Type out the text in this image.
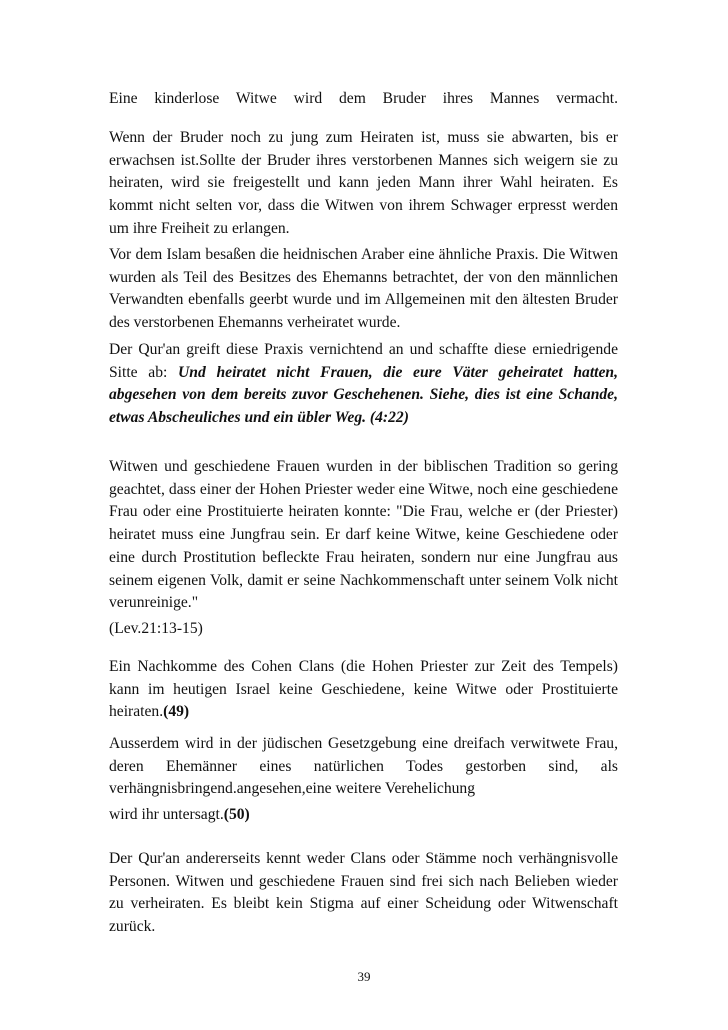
Eine kinderlose Witwe wird dem Bruder ihres Mannes vermacht.

Wenn der Bruder noch zu jung zum Heiraten ist, muss sie abwarten, bis er erwachsen ist.Sollte der Bruder ihres verstorbenen Mannes sich weigern sie zu heiraten, wird sie freigestellt und kann jeden Mann ihrer Wahl heiraten. Es kommt nicht selten vor, dass die Witwen von ihrem Schwager erpresst werden um ihre Freiheit zu erlangen.

Vor dem Islam besaßen die heidnischen Araber eine ähnliche Praxis. Die Witwen wurden als Teil des Besitzes des Ehemanns betrachtet, der von den männlichen Verwandten ebenfalls geerbt wurde und im Allgemeinen mit den ältesten Bruder des verstorbenen Ehemanns verheiratet wurde.

Der Qur'an greift diese Praxis vernichtend an und schaffte diese erniedrigende Sitte ab: Und heiratet nicht Frauen, die eure Väter geheiratet hatten, abgesehen von dem bereits zuvor Geschehenen. Siehe, dies ist eine Schande, etwas Abscheuliches und ein übler Weg. (4:22)

Witwen und geschiedene Frauen wurden in der biblischen Tradition so gering geachtet, dass einer der Hohen Priester weder eine Witwe, noch eine geschiedene Frau oder eine Prostituierte heiraten konnte: "Die Frau, welche er (der Priester) heiratet muss eine Jungfrau sein. Er darf keine Witwe, keine Geschiedene oder eine durch Prostitution befleckte Frau heiraten, sondern nur eine Jungfrau aus seinem eigenen Volk, damit er seine Nachkommenschaft unter seinem Volk nicht verunreinige."

(Lev.21:13-15)

Ein Nachkomme des Cohen Clans (die Hohen Priester zur Zeit des Tempels) kann im heutigen Israel keine Geschiedene, keine Witwe oder Prostituierte heiraten.(49)

Ausserdem wird in der jüdischen Gesetzgebung eine dreifach verwitwete Frau, deren Ehemänner eines natürlichen Todes gestorben sind, als verhängnisbringend.angesehen,eine weitere Verehelichung

wird ihr untersagt.(50)

Der Qur'an andererseits kennt weder Clans oder Stämme noch verhängnisvolle Personen. Witwen und geschiedene Frauen sind frei sich nach Belieben wieder zu verheiraten. Es bleibt kein Stigma auf einer Scheidung oder Witwenschaft zurück.

39
